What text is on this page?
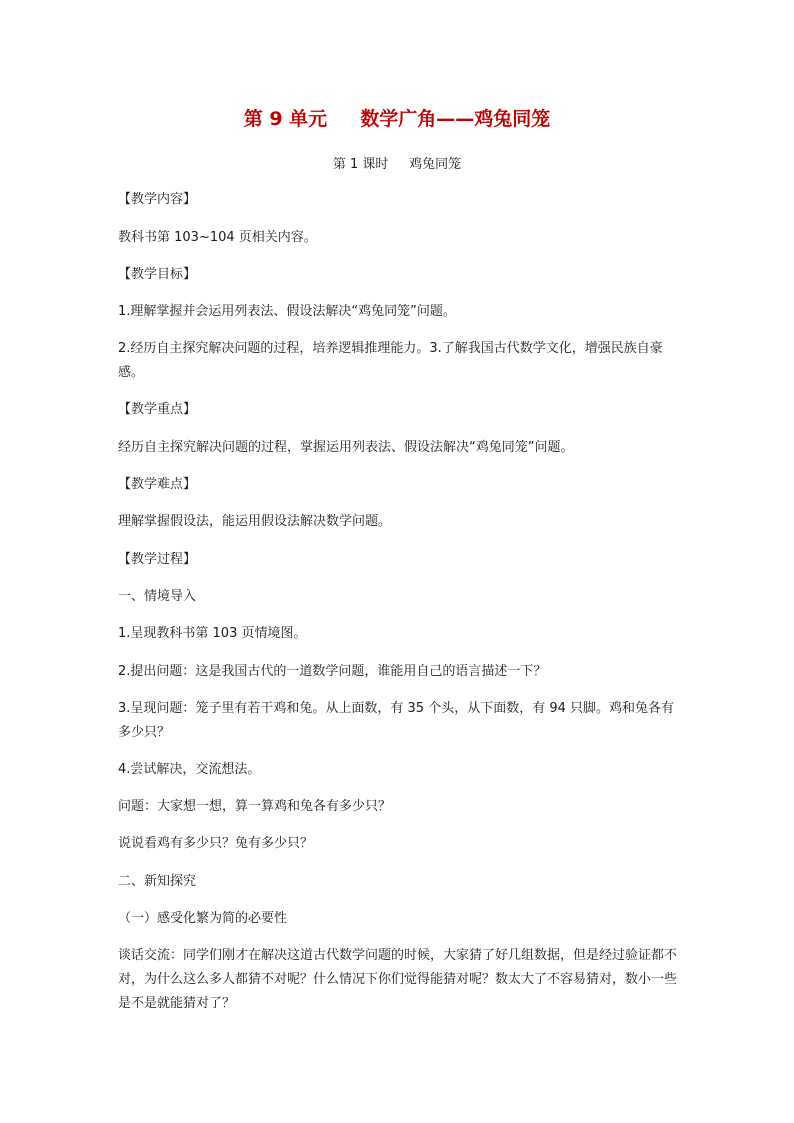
第 9 单元     数学广角——鸡兔同笼
第 1 课时     鸡兔同笼

【教学内容】

教科书第 103~104 页相关内容。

【教学目标】

1.理解掌握并会运用列表法、假设法解决“鸡兔同笼”问题。

2.经历自主探究解决问题的过程，培养逻辑推理能力。3.了解我国古代数学文化，增强民族自豪感。

【教学重点】

经历自主探究解决问题的过程，掌握运用列表法、假设法解决“鸡兔同笼”问题。

【教学难点】

理解掌握假设法，能运用假设法解决数学问题。

【教学过程】

一、情境导入

1.呈现教科书第 103 页情境图。

2.提出问题：这是我国古代的一道数学问题，谁能用自己的语言描述一下？

3.呈现问题：笼子里有若干鸡和兔。从上面数，有 35 个头，从下面数，有 94 只脚。鸡和兔各有多少只？

4.尝试解决，交流想法。

问题：大家想一想，算一算鸡和兔各有多少只？

说说看鸡有多少只？兔有多少只？

二、新知探究

（一）感受化繁为简的必要性

谈话交流：同学们刚才在解决这道古代数学问题的时候，大家猜了好几组数据，但是经过验证都不对，为什么这么多人都猜不对呢？什么情况下你们觉得能猜对呢？数太大了不容易猜对，数小一些是不是就能猜对了？
